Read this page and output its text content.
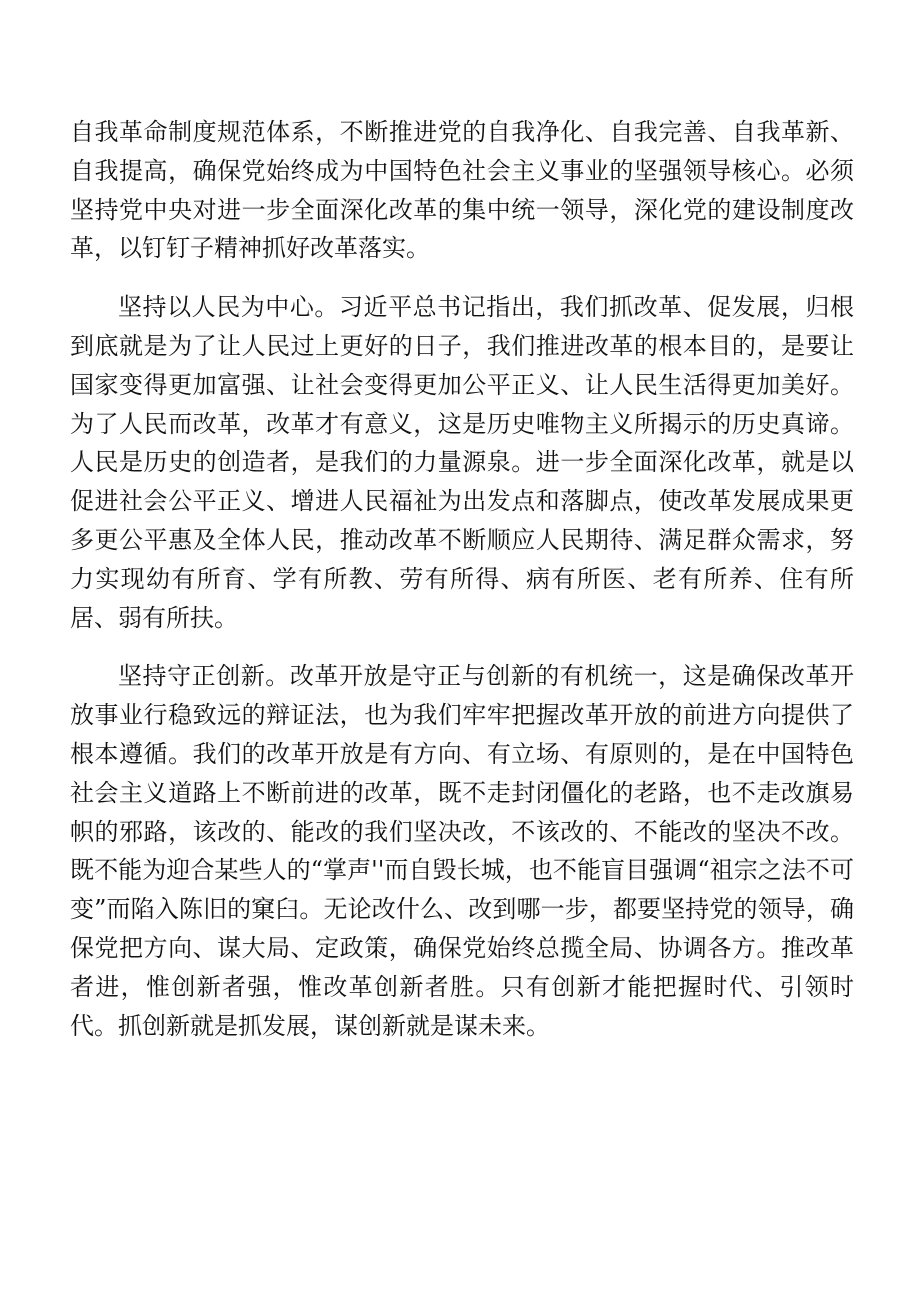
自我革命制度规范体系，不断推进党的自我净化、自我完善、自我革新、自我提高，确保党始终成为中国特色社会主义事业的坚强领导核心。必须坚持党中央对进一步全面深化改革的集中统一领导，深化党的建设制度改革，以钉钉子精神抓好改革落实。

坚持以人民为中心。习近平总书记指出，我们抓改革、促发展，归根到底就是为了让人民过上更好的日子，我们推进改革的根本目的，是要让国家变得更加富强、让社会变得更加公平正义、让人民生活得更加美好。为了人民而改革，改革才有意义，这是历史唯物主义所揭示的历史真谛。人民是历史的创造者，是我们的力量源泉。进一步全面深化改革，就是以促进社会公平正义、增进人民福祉为出发点和落脚点，使改革发展成果更多更公平惠及全体人民，推动改革不断顺应人民期待、满足群众需求，努力实现幼有所育、学有所教、劳有所得、病有所医、老有所养、住有所居、弱有所扶。

坚持守正创新。改革开放是守正与创新的有机统一，这是确保改革开放事业行稳致远的辩证法，也为我们牢牢把握改革开放的前进方向提供了根本遵循。我们的改革开放是有方向、有立场、有原则的，是在中国特色社会主义道路上不断前进的改革，既不走封闭僵化的老路，也不走改旗易帜的邪路，该改的、能改的我们坚决改，不该改的、不能改的坚决不改。既不能为迎合某些人的“掌声''而自毁长城，也不能盲目强调“祖宗之法不可变”而陷入陈旧的窠臼。无论改什么、改到哪一步，都要坚持党的领导，确保党把方向、谋大局、定政策，确保党始终总揽全局、协调各方。推改革者进，惟创新者强，惟改革创新者胜。只有创新才能把握时代、引领时代。抓创新就是抓发展，谋创新就是谋未来。
